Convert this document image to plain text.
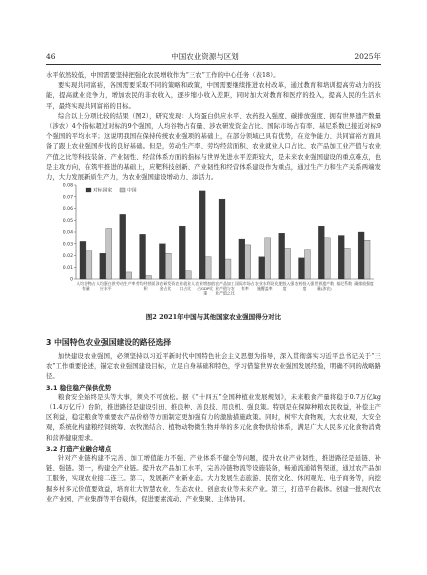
46	中国农业资源与区划	2025年

水平依然较低，中国需要坚持把强化农民增收作为“三农”工作的中心任务（表18）。

要实现共同富裕，各国需要采取不同的策略和政策，中国需要继续推进农村改革，通过教育和培训提高劳动力的技能，提高就业竞争力，增加农民的非农收入，逐步缩小收入差距，同时加大对教育和医疗的投入，提高人民的生活水平，最终实现共同富裕的目标。

综合以上分项比较的结果（图2），研究发现：人均蛋白供应水平、农药投入强度、碳排放强度、拥有世界遗产数量（涉农）4个指标超过对标的9个强国，人均谷物占有量、涉农研发资金占比、国际市场占有率、基尼系数已接近对标9个强国的平均水平；这说明我国在保持传统农业强项的基础上，在部分领域已具有优势，在竞争能力、共同富裕方面具备了跟上农业强国步伐的良好基础。但是，劳动生产率、劳均经营面积、农业就业人口占比、农产品加工业产值与农业产值之比等科技装备、产业韧性、经营体系方面的指标与世界先进水平差距较大，是未来农业强国建设的重点难点，也是主攻方向，在筑牢推进的基础上，应靶科技创新、产业韧性和经营体系建设作为重点，通过生产力和生产关系两端发力，大力发展新质生产力，为农业强国建设增动力、添活力。

0
0.01
0.02
0.03
0.04
0.05
0.06
0.07
0.08
人均谷物占有量
人均蛋白供应水平
劳动生产率 劳均经营面积
涉农研发资金占比
农业就业人口占比
农业增加值占GDP比重
农产品加工业产值与农业产值之比
国际市场占有率
农业水利设施覆盖率
化肥投入强度
农药投入强度
世界遗产数量(涉农)
基尼系数 碳排放强度
对标国家	中国
图2 2021年中国与其他国家农业强国得分对比
3 中国特色农业强国建设的路径选择

加快建设农业强国，必须坚持以习近平新时代中国特色社会主义思想为指导，深入贯彻落实习近平总书记关于“三农”工作重要论述，锚定农业强国建设目标，立足自身基础和特色，学习借鉴世界农业强国发展经验，明确不同的战略路径。

3.1 稳住稳产保供优势

粮食安全始终是头等大事，须央不可放松。据《“十四五”全国种植业发展规划》，未来粮食产量将稳于0.7万亿kg（1.4万亿斤）台阶，推进路径是建设引田、推良种、善良技、用良机、强良策。特别是在保障种粮农民收益，补偿主产区利益，稳定粮食等重要农产品价格等方面制定更加强有力的激励措施政策。同时，树牢大食物观，大农业观，大安全观，系统化构建粮经饲统筹、农牧渔结合、植物动物微生物并举的多元化食物供给体系，满足广大人民多元化食物消费和营养健康需求。

3.2 打造产业融合堵点

针对产业链构建不完善、加工增值能力不强、产业体系不健全等问题，提升农业产业韧性，推进路径是延链、补链、强链。第一，构建全产业链。提升农产品加工水平，完善冷链物流等设施装备，畅通流通销售渠道，通过农产品加工服务，实现农业接二连三。第二，发展新产业新业态。大力发展生态旅游、民宿文化、休闲观光、电子商务等，向挖掘乡村多元价值要效益，培育壮大智慧农业、生态农业、创意农业等未来产业。第三，打造平台载体。创建一批现代农业产业园、产业集群等平台载体，促进要素流动、产业集聚、主体协同。
